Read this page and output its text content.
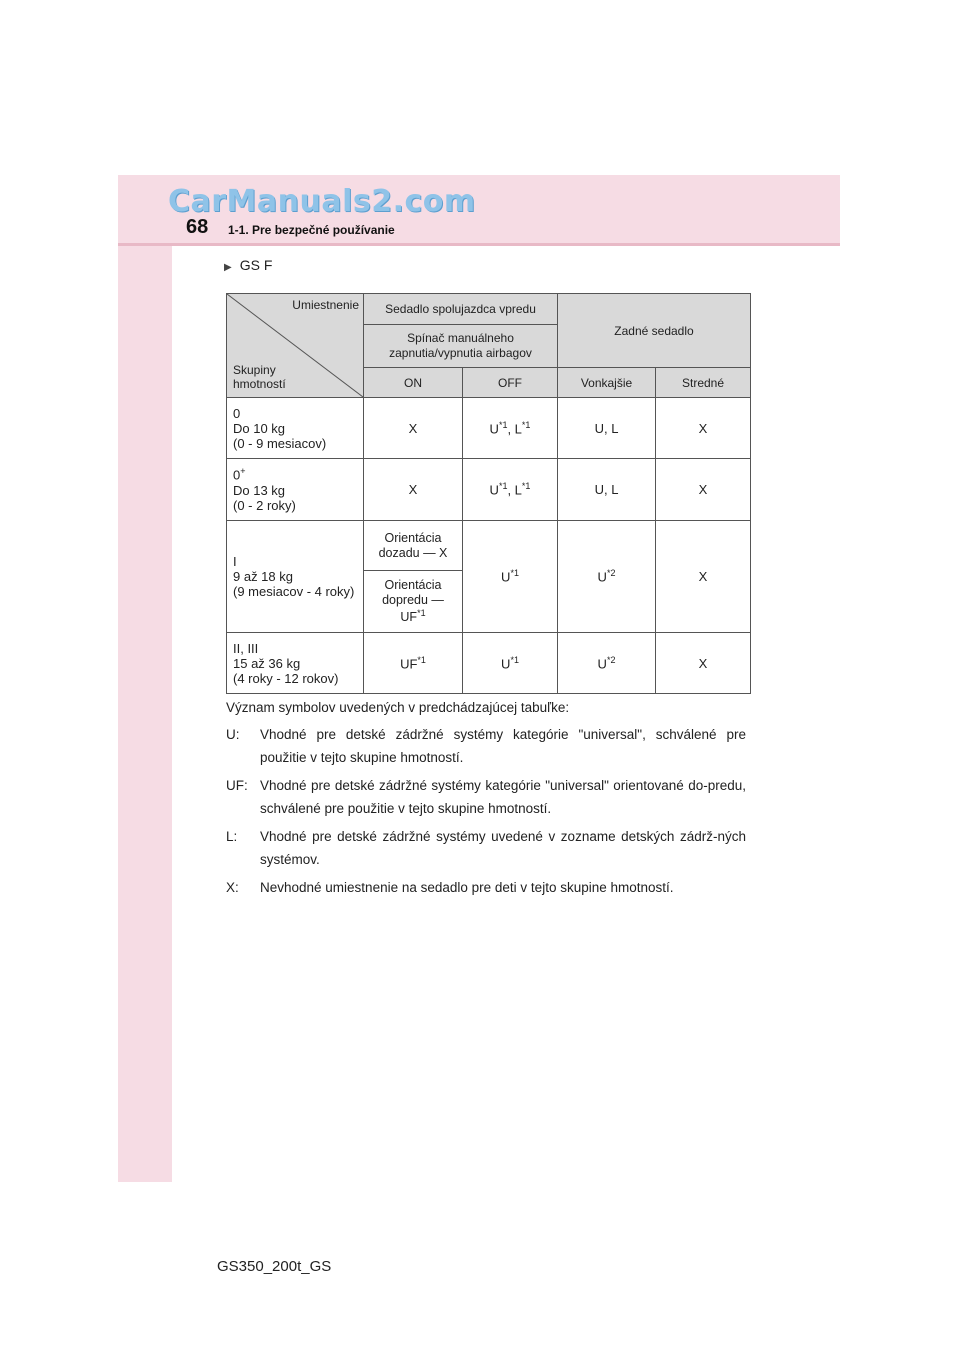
CarManuals2.com
68 1-1. Pre bezpečné používanie
▶ GS F
Umiestnenie
Skupiny
hmotností	Sedadlo spolujazdca vpredu		Zadné sedadlo	
	Spínač manuálneho
zapnutia/vypnutia airbagov			
	ON	OFF	Vonkajšie	Stredné
0
Do 10 kg
(0 - 9 mesiacov)	X	$U^{*1}$, $L^{*1}$	U, L	X
0+
Do 13 kg
(0 - 2 roky)	X	$U^{*1}$, $L^{*1}$	U, L	X
I
9 až 18 kg
(9 mesiacov - 4 roky)	Orientácia
dozadu — X	$U^{*1}$	$U^{*2}$	X
	Orientácia
dopredu —
UF$^{*1}$
II, III
15 až 36 kg
(4 roky - 12 rokov)	UF$^{*1}$	$U^{*1}$	$U^{*2}$	X
Význam symbolov uvedených v predchádzajúcej tabuľke:
U: Vhodné pre detské zádržné systémy kategórie "universal", schválené pre použitie v tejto skupine hmotností.
UF: Vhodné pre detské zádržné systémy kategórie "universal" orientované do-predu, schválené pre použitie v tejto skupine hmotností.
L: Vhodné pre detské zádržné systémy uvedené v zozname detských zádrž-ných systémov.
X: Nevhodné umiestnenie na sedadlo pre deti v tejto skupine hmotností.
GS350_200t_GS
